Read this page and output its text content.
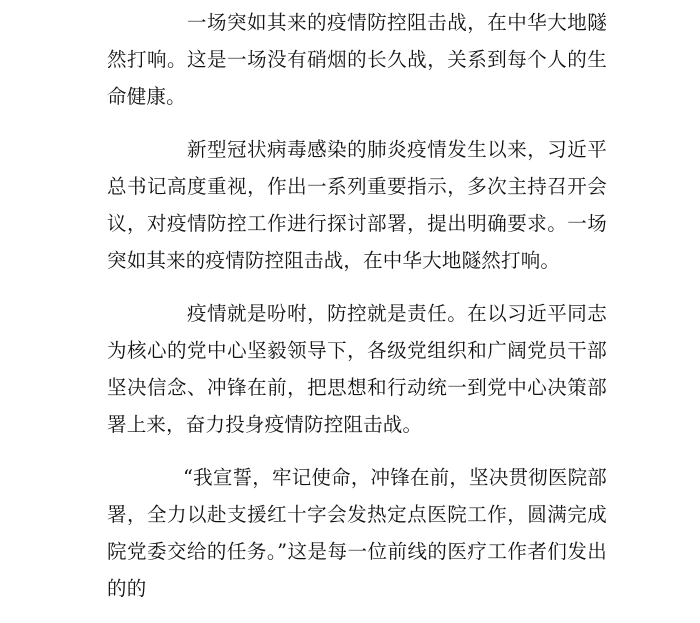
一场突如其来的疫情防控阻击战，在中华大地隧然打响。这是一场没有硝烟的长久战，关系到每个人的生命健康。

新型冠状病毒感染的肺炎疫情发生以来，习近平总书记高度重视，作出一系列重要指示，多次主持召开会议，对疫情防控工作进行探讨部署，提出明确要求。一场突如其来的疫情防控阻击战，在中华大地隧然打响。

疫情就是吩咐，防控就是责任。在以习近平同志为核心的党中心坚毅领导下，各级党组织和广阔党员干部坚决信念、冲锋在前，把思想和行动统一到党中心决策部署上来，奋力投身疫情防控阻击战。

“我宣誓，牢记使命，冲锋在前，坚决贯彻医院部署，全力以赴支援红十字会发热定点医院工作，圆满完成院党委交给的任务。”这是每一位前线的医疗工作者们发出的的
